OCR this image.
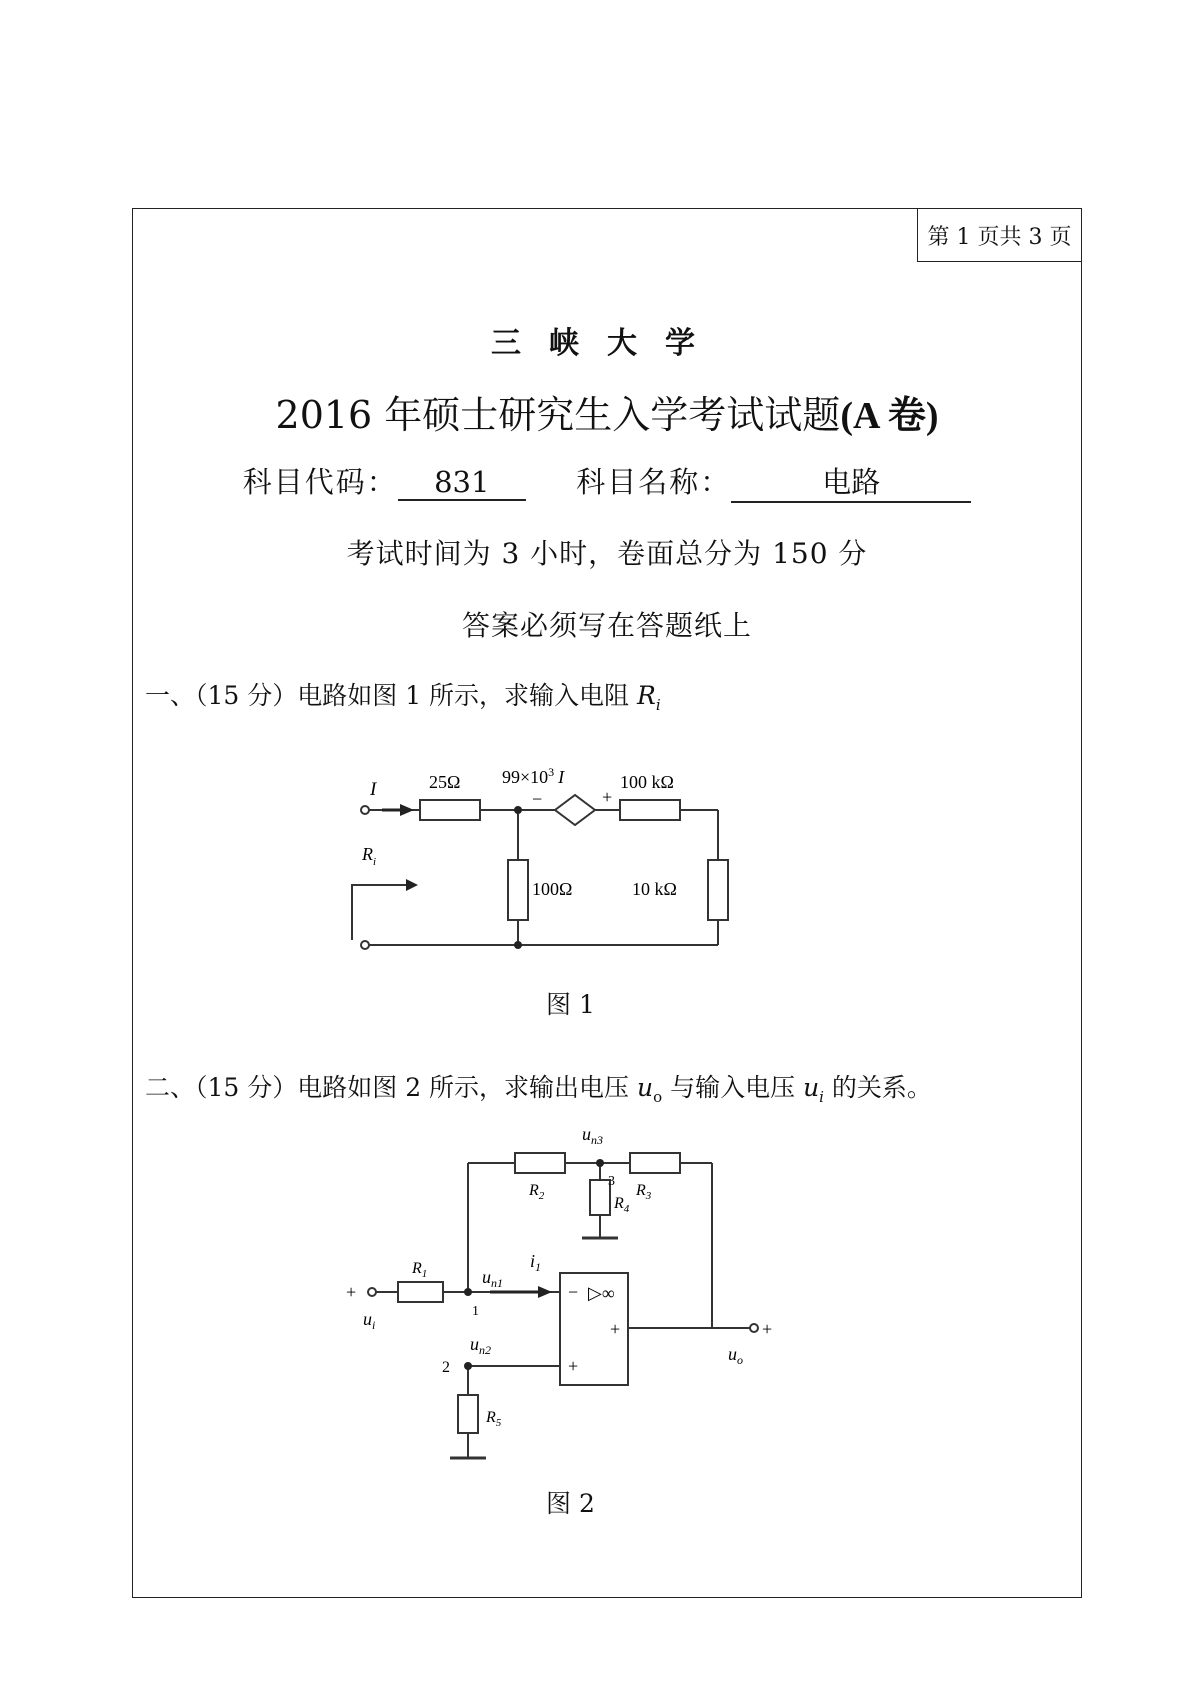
第 1 页共 3 页
三峡大学
2016 年硕士研究生入学考试试题(A 卷)
科目代码： 831	科目名称：	电路
考试时间为 3 小时，卷面总分为 150 分
答案必须写在答题纸上
一、（15 分）电路如图 1 所示，求输入电阻 $R_i$
I	25Ω $99\times 10^3$ I
−	+
100 kΩ
100Ω	10 kΩ
$R_i$
图 1
二、（15 分）电路如图 2 所示，求输出电压 $u_o$ 与输入电压 $u_i$ 的关系。
$u_{n3}$
3
$R_2$	$R_3$
$R_4$
$R_1$	$u_{n1}$
$i_1$
1
+
$u_i$
$u_{n2}$
2
$R_5$
− ▷∞
+
+
+
$u_o$
图 2
